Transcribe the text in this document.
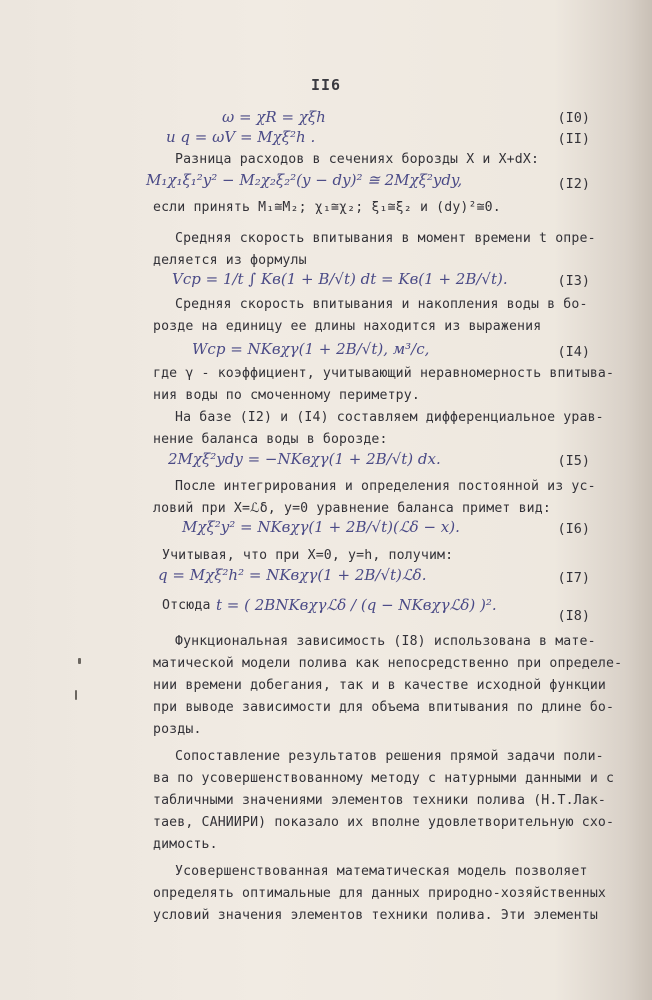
II6
ω = χR = χξh	(I0)
и q = ωV = Mχξ²h .	(II)
Разница расходов в сечениях борозды X и X+dX:
M₁χ₁ξ₁²y² − M₂χ₂ξ₂²(y − dy)² ≅ 2Mχξ²ydy,	(I2)
если принять M₁≅M₂; χ₁≅χ₂; ξ₁≅ξ₂ и (dy)²≅0.
Средняя скорость впитывания в момент времени t опре-
деляется из формулы
Vср = 1/t ∫ Kв(1 + B/√t) dt = Kв(1 + 2B/√t).	(I3)
Средняя скорость впитывания и накопления воды в бо-
розде на единицу ее длины находится из выражения
Wср = NKвχγ(1 + 2B/√t), м³/с,	(I4)
где γ - коэффициент, учитывающий неравномерность впитыва-
ния воды по смоченному периметру.
На базе (I2) и (I4) составляем дифференциальное урав-
нение баланса воды в борозде:
2Mχξ²ydy = −NKвχγ(1 + 2B/√t) dx.	(I5)
После интегрирования и определения постоянной из ус-
ловий при X=ℒδ, y=0 уравнение баланса примет вид:
Mχξ²y² = NKвχγ(1 + 2B/√t)(ℒδ − x).	(I6)
Учитывая, что при X=0, y=h, получим:
q = Mχξ²h² = NKвχγ(1 + 2B/√t)ℒδ.	(I7)
Отсюда t = ( 2BNKвχγℒδ / (q − NKвχγℒδ) )².
(I8)
Функциональная зависимость (I8) использована в мате-
матической модели полива как непосредственно при определе-
нии времени добегания, так и в качестве исходной функции
при выводе зависимости для объема впитывания по длине бо-
розды.
Сопоставление результатов решения прямой задачи поли-
ва по усовершенствованному методу с натурными данными и с
табличными значениями элементов техники полива (Н.Т.Лак-
таев, САНИИРИ) показало их вполне удовлетворительную схо-
димость.
Усовершенствованная математическая модель позволяет
определять оптимальные для данных природно-хозяйственных
условий значения элементов техники полива. Эти элементы
